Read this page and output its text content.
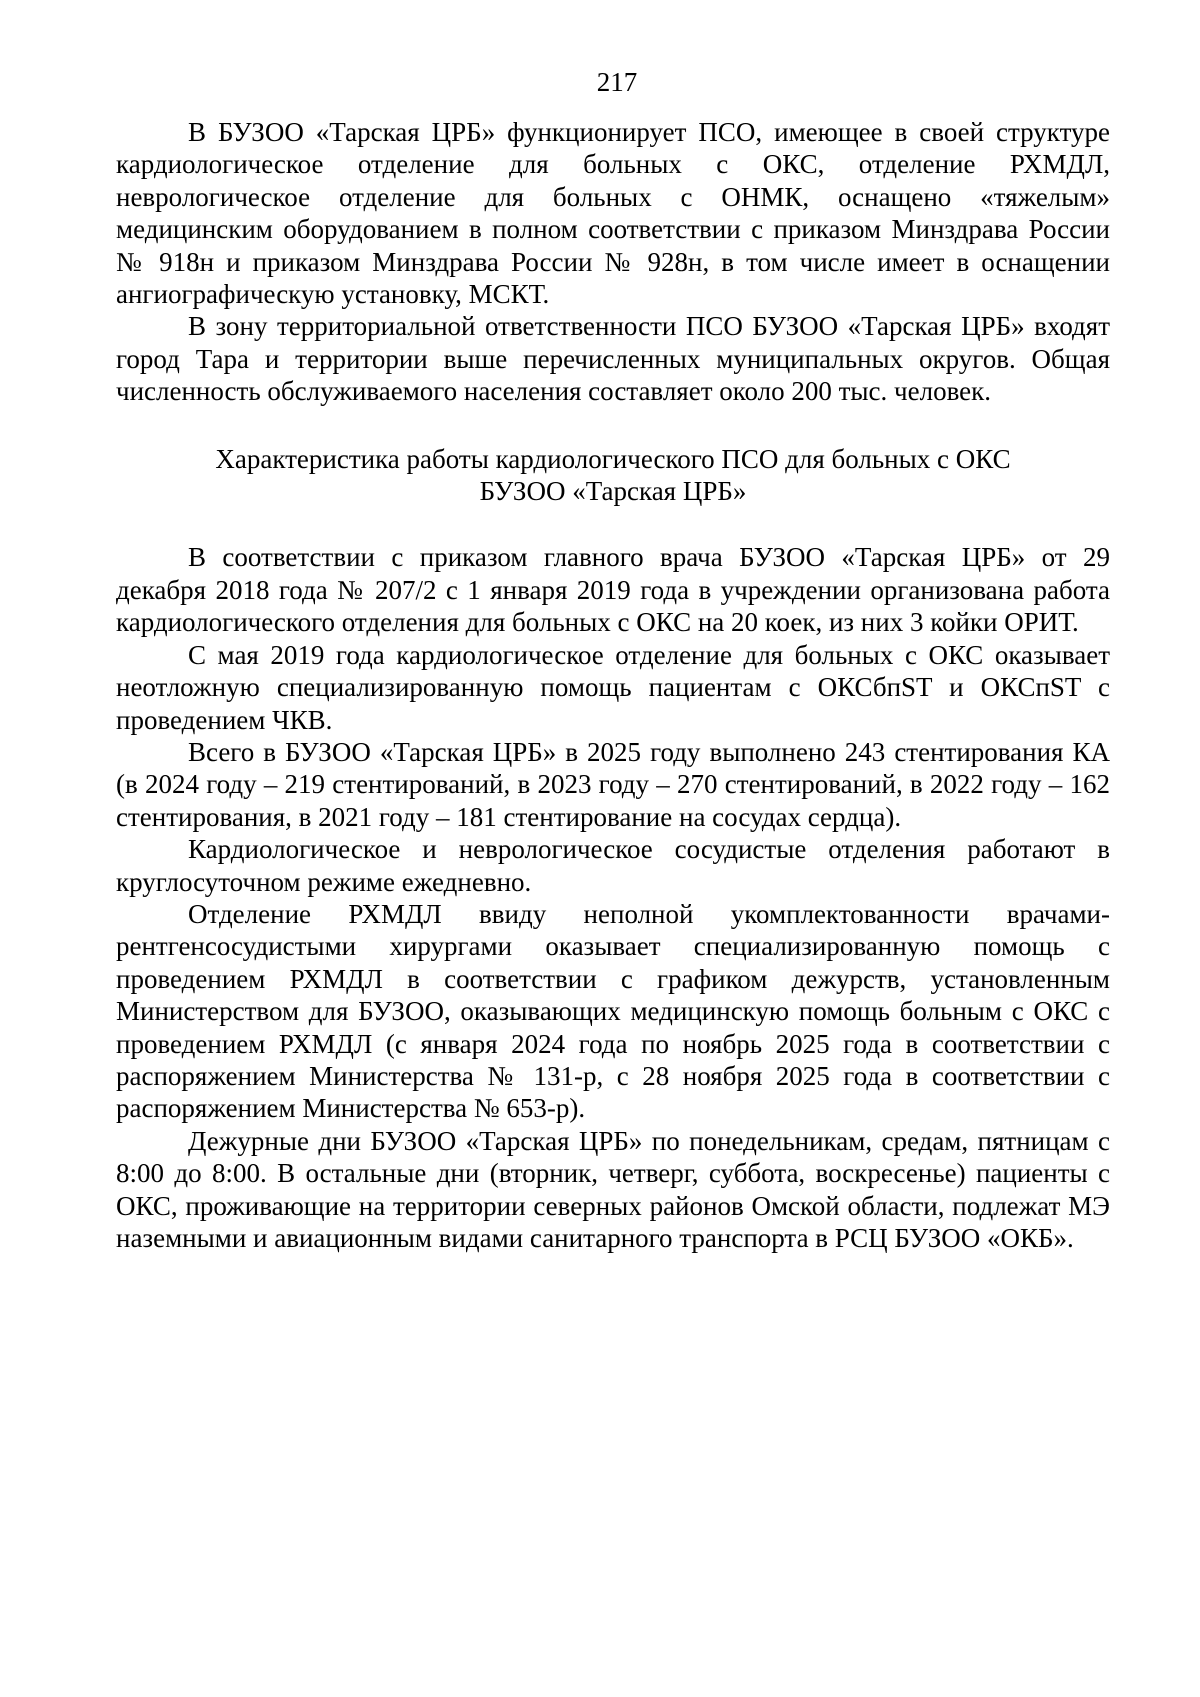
217

В БУЗОО «Тарская ЦРБ» функционирует ПСО, имеющее в своей структуре кардиологическое отделение для больных с ОКС, отделение РХМДЛ, неврологическое отделение для больных с ОНМК, оснащено «тяжелым» медицинским оборудованием в полном соответствии с приказом Минздрава России № 918н и приказом Минздрава России № 928н, в том числе имеет в оснащении ангиографическую установку, МСКТ.

В зону территориальной ответственности ПСО БУЗОО «Тарская ЦРБ» входят город Тара и территории выше перечисленных муниципальных округов. Общая численность обслуживаемого населения составляет около 200 тыс. человек.

Характеристика работы кардиологического ПСО для больных с ОКС
БУЗОО «Тарская ЦРБ»

В соответствии с приказом главного врача БУЗОО «Тарская ЦРБ» от 29 декабря 2018 года № 207/2 с 1 января 2019 года в учреждении организована работа кардиологического отделения для больных с ОКС на 20 коек, из них 3 койки ОРИТ.

С мая 2019 года кардиологическое отделение для больных с ОКС оказывает неотложную специализированную помощь пациентам с ОКСбпST и ОКСпST с проведением ЧКВ.

Всего в БУЗОО «Тарская ЦРБ» в 2025 году выполнено 243 стентирования КА (в 2024 году – 219 стентирований, в 2023 году – 270 стентирований, в 2022 году – 162 стентирования, в 2021 году – 181 стентирование на сосудах сердца).

Кардиологическое и неврологическое сосудистые отделения работают в круглосуточном режиме ежедневно.

Отделение РХМДЛ ввиду неполной укомплектованности врачами-рентгенсосудистыми хирургами оказывает специализированную помощь с проведением РХМДЛ в соответствии с графиком дежурств, установленным Министерством для БУЗОО, оказывающих медицинскую помощь больным с ОКС с проведением РХМДЛ (с января 2024 года по ноябрь 2025 года в соответствии с распоряжением Министерства № 131-р, с 28 ноября 2025 года в соответствии с распоряжением Министерства № 653-р).

Дежурные дни БУЗОО «Тарская ЦРБ» по понедельникам, средам, пятницам с 8:00 до 8:00. В остальные дни (вторник, четверг, суббота, воскресенье) пациенты с ОКС, проживающие на территории северных районов Омской области, подлежат МЭ наземными и авиационным видами санитарного транспорта в РСЦ БУЗОО «ОКБ».
